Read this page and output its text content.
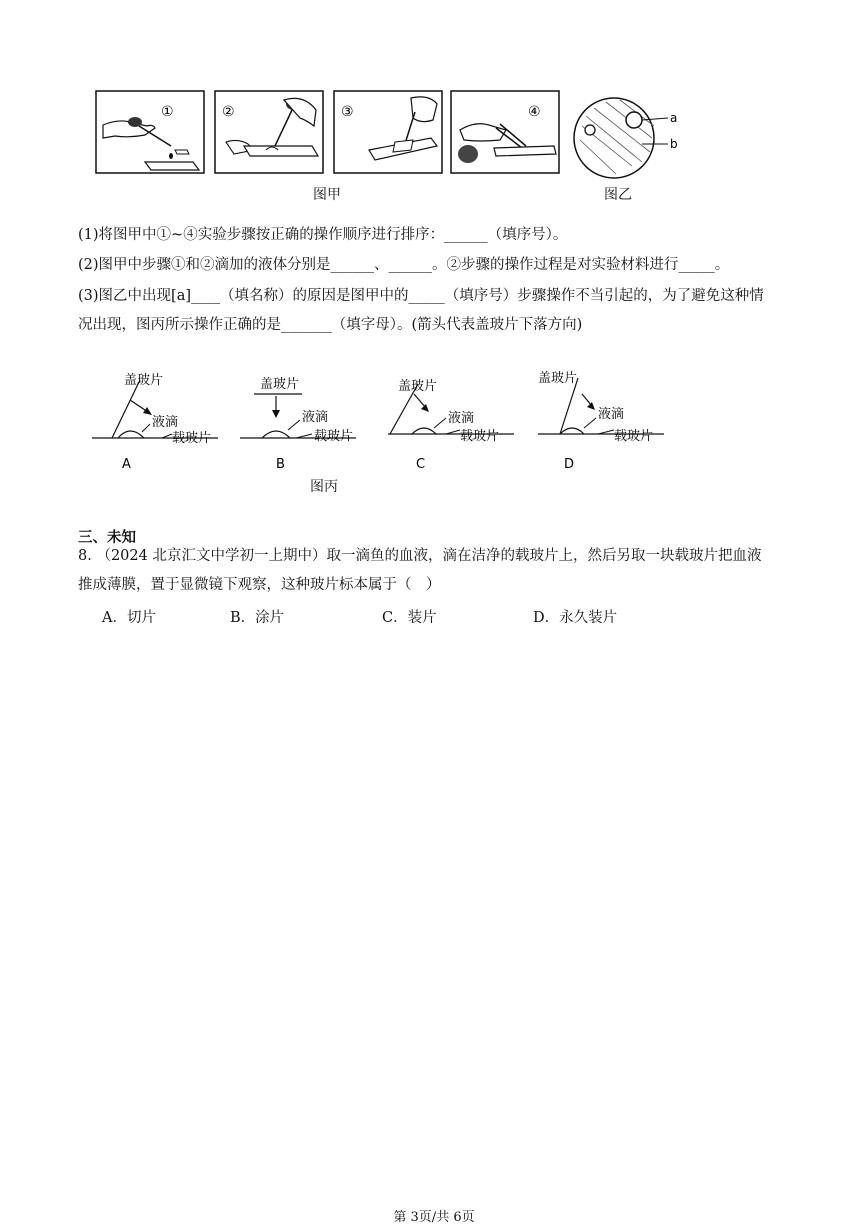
①	②	③	④
图甲
a
b
图乙
(1)将图甲中①~④实验步骤按正确的操作顺序进行排序：______（填序号）。
(2)图甲中步骤①和②滴加的液体分别是______、______。②步骤的操作过程是对实验材料进行_____。
(3)图乙中出现[a]____（填名称）的原因是图甲中的_____（填序号）步骤操作不当引起的，为了避免这种情
况出现，图丙所示操作正确的是_______（填字母）。(箭头代表盖玻片下落方向)
盖玻片
液滴
载玻片
A
盖玻片
液滴
载玻片
B
盖玻片
液滴
载玻片
C
盖玻片
液滴
载玻片
D
图丙
三、未知
8. （2024 北京汇文中学初一上期中）取一滴鱼的血液，滴在洁净的载玻片上，然后另取一块载玻片把血液
推成薄膜，置于显微镜下观察，这种玻片标本属于（　）
A．切片	B．涂片	C．装片	D．永久装片
第 3页/共 6页
